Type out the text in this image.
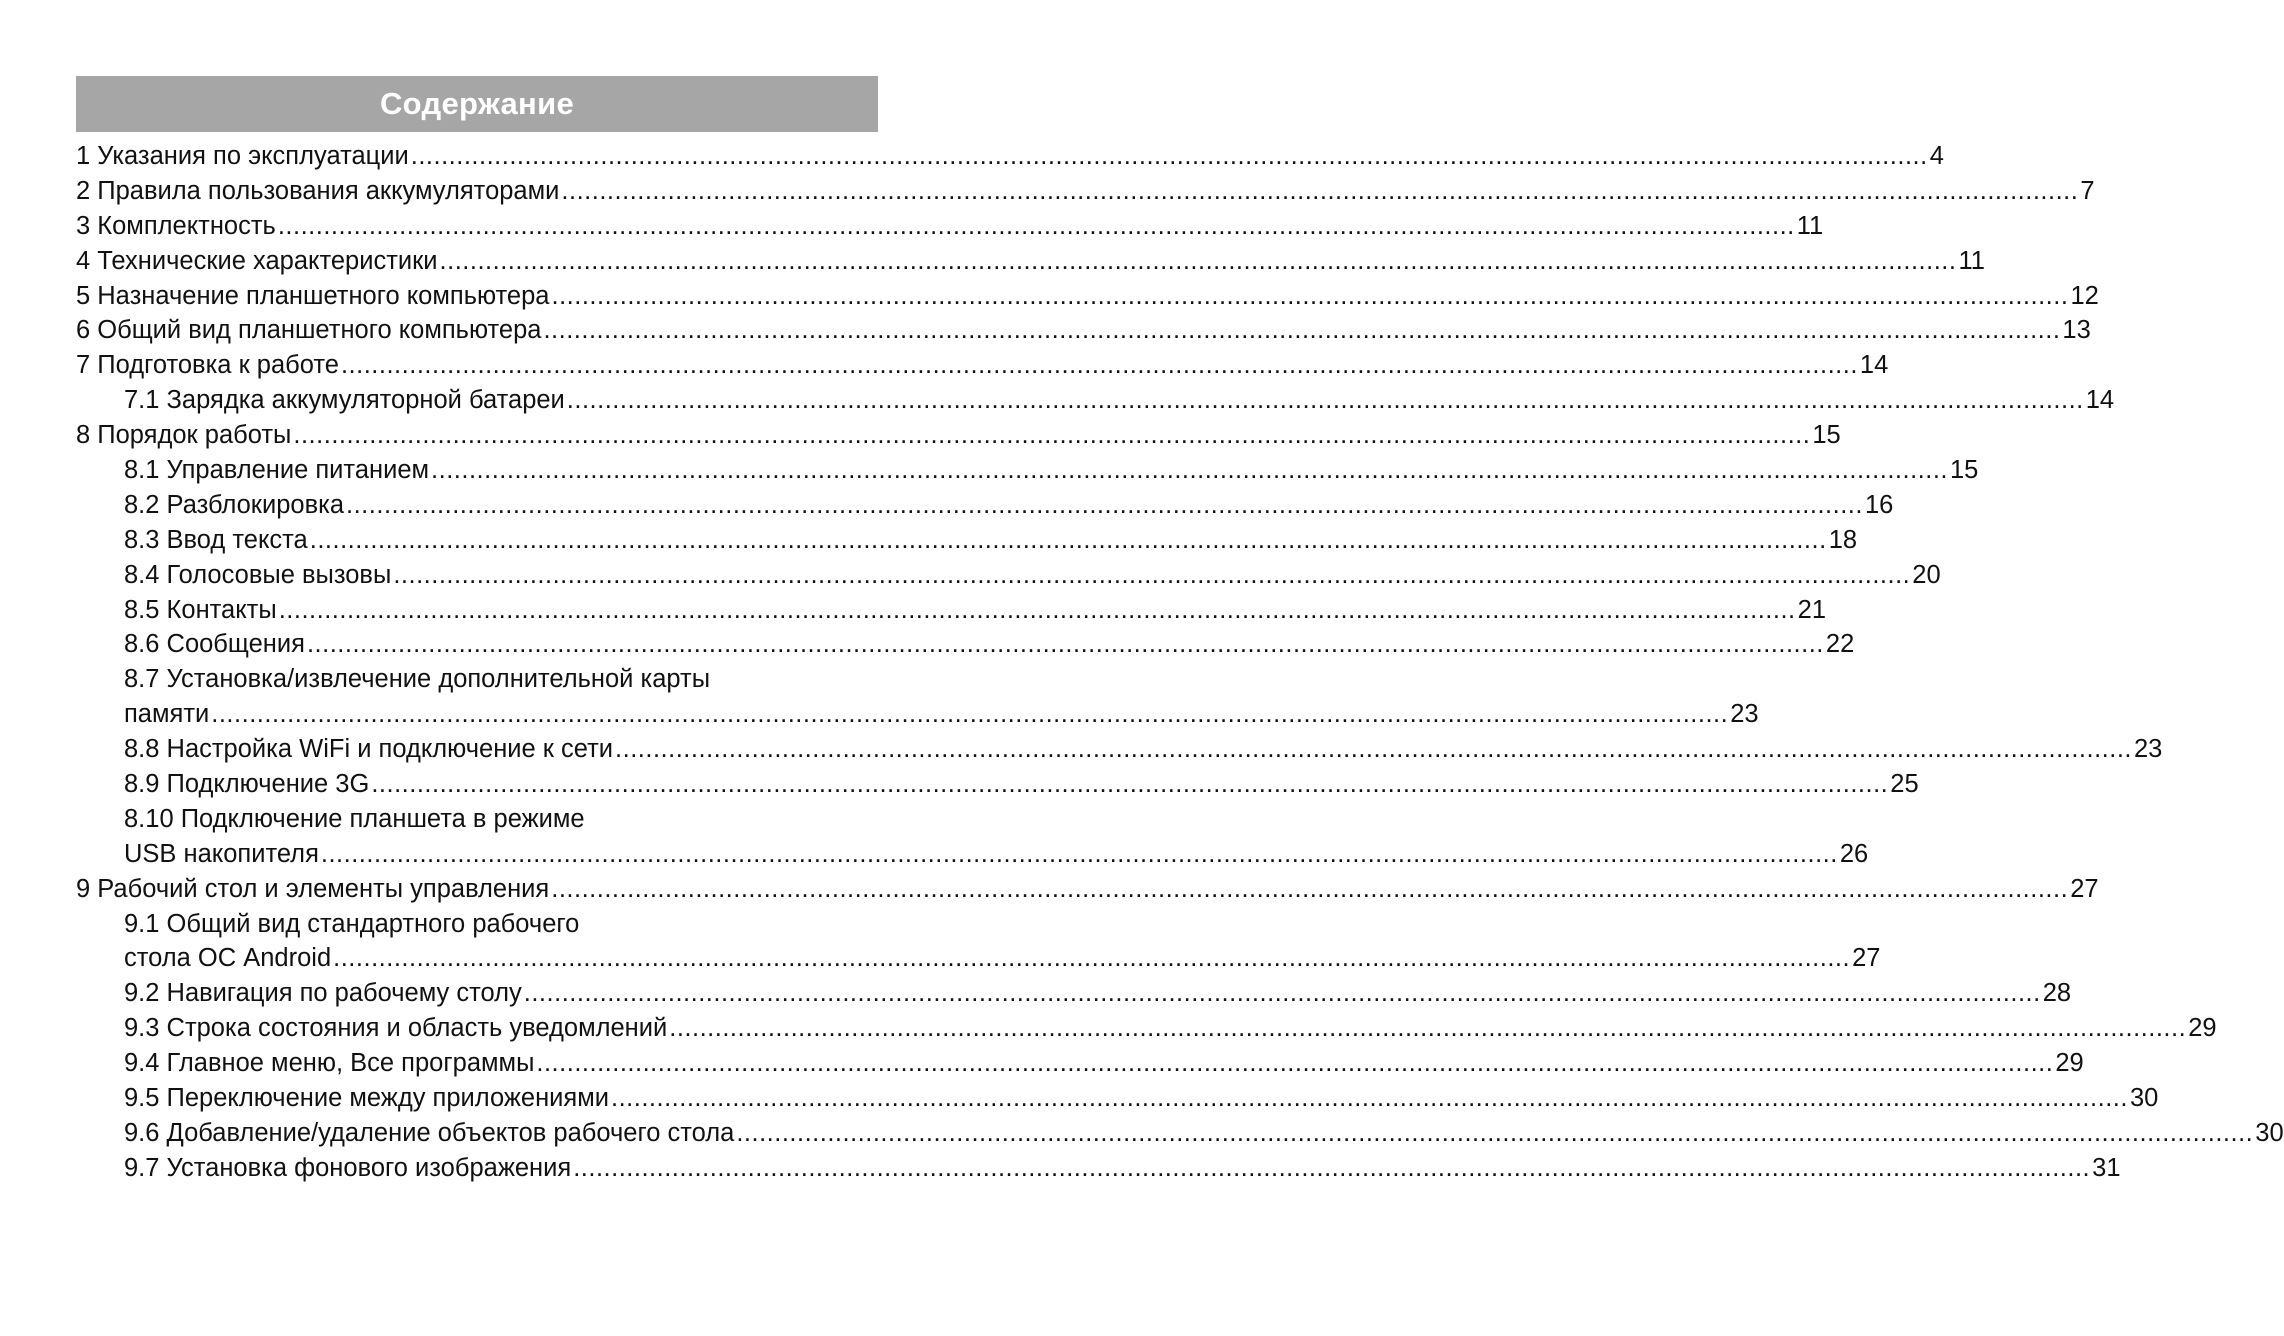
Содержание
1 Указания по эксплуатации ........................................................................................................................................................................................................ 4
2 Правила пользования аккумуляторами ........................................................................................................................................................................................................ 7
3 Комплектность ........................................................................................................................................................................................................ 11
4 Технические характеристики ........................................................................................................................................................................................................ 11
5 Назначение планшетного компьютера ........................................................................................................................................................................................................ 12
6 Общий вид планшетного компьютера ........................................................................................................................................................................................................ 13
7 Подготовка к работе ........................................................................................................................................................................................................ 14
7.1 Зарядка аккумуляторной батареи ........................................................................................................................................................................................................ 14
8 Порядок работы ........................................................................................................................................................................................................ 15
8.1 Управление питанием ........................................................................................................................................................................................................ 15
8.2 Разблокировка ........................................................................................................................................................................................................ 16
8.3 Ввод текста ........................................................................................................................................................................................................ 18
8.4 Голосовые вызовы ........................................................................................................................................................................................................ 20
8.5 Контакты ........................................................................................................................................................................................................ 21
8.6 Сообщения ........................................................................................................................................................................................................ 22
8.7 Установка/извлечение дополнительной карты
памяти ........................................................................................................................................................................................................ 23
8.8 Настройка WiFi и подключение к сети ........................................................................................................................................................................................................ 23
8.9 Подключение 3G ........................................................................................................................................................................................................ 25
8.10 Подключение планшета в режиме
USB накопителя ........................................................................................................................................................................................................ 26
9 Рабочий стол и элементы управления ........................................................................................................................................................................................................ 27
9.1 Общий вид стандартного рабочего
стола ОС Android ........................................................................................................................................................................................................ 27
9.2 Навигация по рабочему столу ........................................................................................................................................................................................................ 28
9.3 Строка состояния и область уведомлений ........................................................................................................................................................................................................ 29
9.4 Главное меню, Все программы ........................................................................................................................................................................................................ 29
9.5 Переключение между приложениями ........................................................................................................................................................................................................ 30
9.6 Добавление/удаление объектов рабочего стола ........................................................................................................................................................................................................ 30
9.7 Установка фонового изображения ........................................................................................................................................................................................................ 31
